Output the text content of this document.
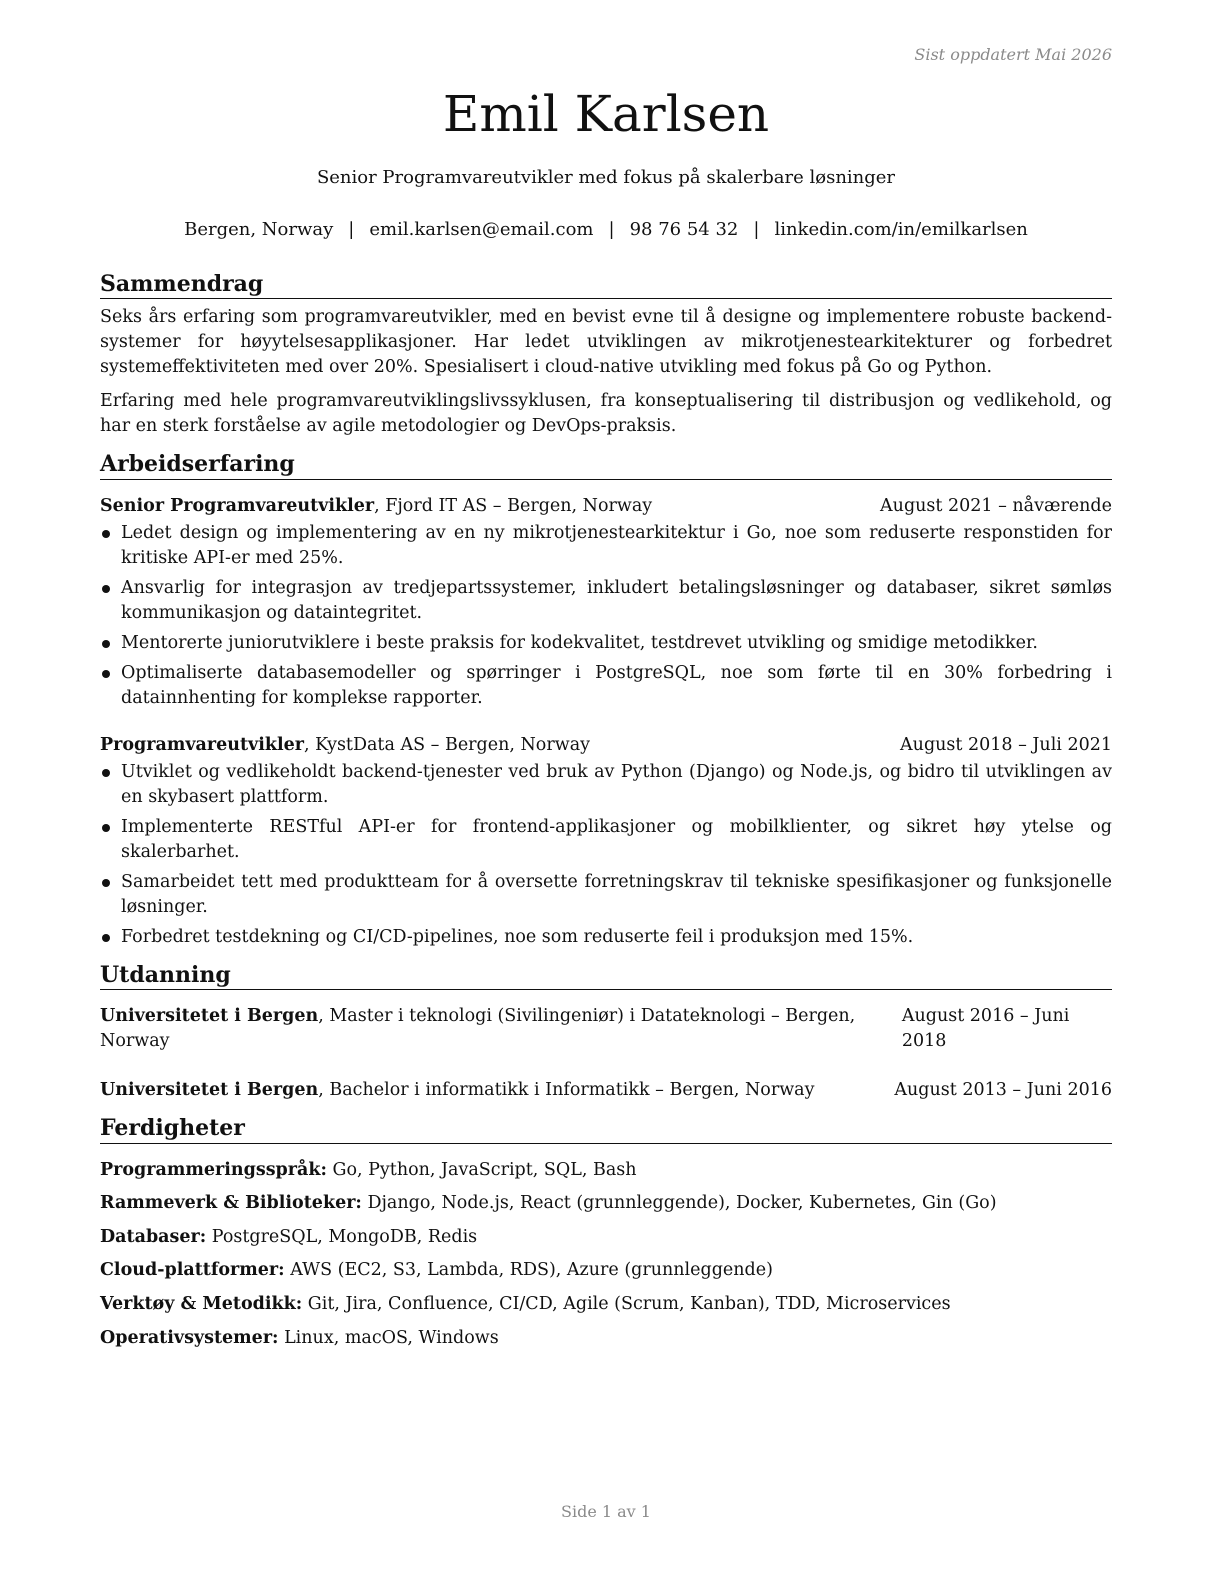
Sist oppdatert Mai 2026
Emil Karlsen
Senior Programvareutvikler med fokus på skalerbare løsninger
Bergen, Norway | emil.karlsen@email.com | 98 76 54 32 | linkedin.com/in/emilkarlsen
Sammendrag

Seks års erfaring som programvareutvikler, med en bevist evne til å designe og implementere robuste backend-systemer for høyytelsesapplikasjoner. Har ledet utviklingen av mikrotjenestearkitekturer og forbedret systemeffektiviteten med over 20%. Spesialisert i cloud-native utvikling med fokus på Go og Python.

Erfaring med hele programvareutviklingslivssyklusen, fra konseptualisering til distribusjon og vedlikehold, og har en sterk forståelse av agile metodologier og DevOps-praksis.

Arbeidserfaring
Senior Programvareutvikler, Fjord IT AS – Bergen, Norway	August 2021 – nåværende
Ledet design og implementering av en ny mikrotjenestearkitektur i Go, noe som reduserte responstiden for kritiske API-er med 25%.
Ansvarlig for integrasjon av tredjepartssystemer, inkludert betalingsløsninger og databaser, sikret sømløs kommunikasjon og dataintegritet.
Mentorerte juniorutviklere i beste praksis for kodekvalitet, testdrevet utvikling og smidige metodikker.
Optimaliserte databasemodeller og spørringer i PostgreSQL, noe som førte til en 30% forbedring i datainnhenting for komplekse rapporter.
Programvareutvikler, KystData AS – Bergen, Norway	August 2018 – Juli 2021
Utviklet og vedlikeholdt backend-tjenester ved bruk av Python (Django) og Node.js, og bidro til utviklingen av en skybasert plattform.
Implementerte RESTful API-er for frontend-applikasjoner og mobilklienter, og sikret høy ytelse og skalerbarhet.
Samarbeidet tett med produktteam for å oversette forretningskrav til tekniske spesifikasjoner og funksjonelle løsninger.
Forbedret testdekning og CI/CD-pipelines, noe som reduserte feil i produksjon med 15%.
Utdanning
Universitetet i Bergen, Master i teknologi (Sivilingeniør) i Datateknologi – Bergen, Norway
August 2016 – Juni 2018
Universitetet i Bergen, Bachelor i informatikk i Informatikk – Bergen, Norway	August 2013 – Juni 2016
Ferdigheter
Programmeringsspråk: Go, Python, JavaScript, SQL, Bash
Rammeverk & Biblioteker: Django, Node.js, React (grunnleggende), Docker, Kubernetes, Gin (Go)
Databaser: PostgreSQL, MongoDB, Redis
Cloud-plattformer: AWS (EC2, S3, Lambda, RDS), Azure (grunnleggende)
Verktøy & Metodikk: Git, Jira, Confluence, CI/CD, Agile (Scrum, Kanban), TDD, Microservices
Operativsystemer: Linux, macOS, Windows
Side 1 av 1
